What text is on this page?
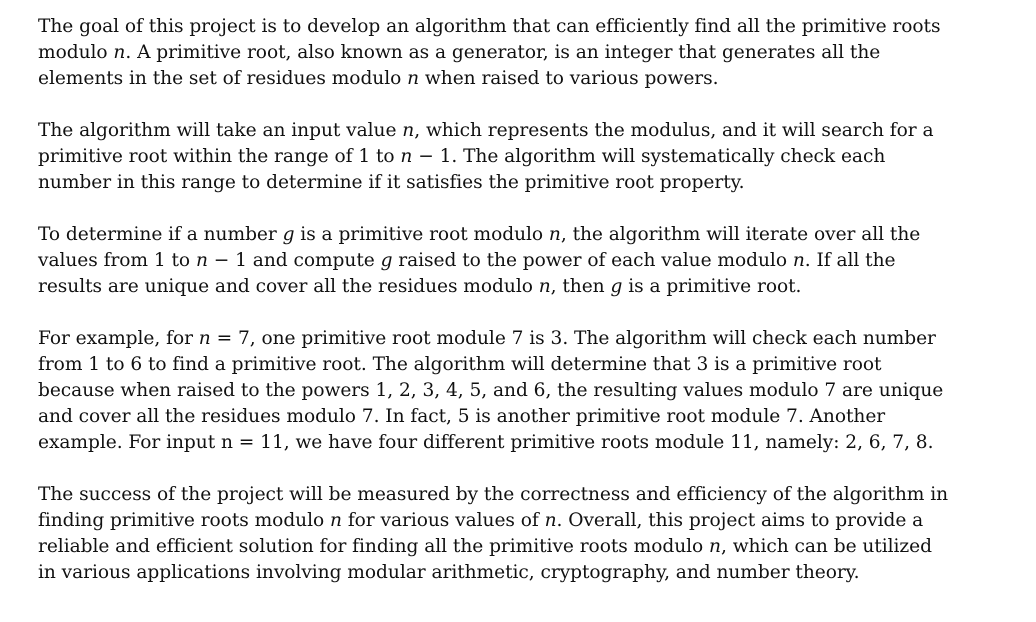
The goal of this project is to develop an algorithm that can efficiently find all the primitive roots
modulo n. A primitive root, also known as a generator, is an integer that generates all the
elements in the set of residues modulo n when raised to various powers.

The algorithm will take an input value n, which represents the modulus, and it will search for a
primitive root within the range of 1 to n − 1. The algorithm will systematically check each
number in this range to determine if it satisfies the primitive root property.

To determine if a number g is a primitive root modulo n, the algorithm will iterate over all the
values from 1 to n − 1 and compute g raised to the power of each value modulo n. If all the
results are unique and cover all the residues modulo n, then g is a primitive root.

For example, for n = 7, one primitive root module 7 is 3. The algorithm will check each number
from 1 to 6 to find a primitive root. The algorithm will determine that 3 is a primitive root
because when raised to the powers 1, 2, 3, 4, 5, and 6, the resulting values modulo 7 are unique
and cover all the residues modulo 7. In fact, 5 is another primitive root module 7. Another
example. For input n = 11, we have four different primitive roots module 11, namely: 2, 6, 7, 8.

The success of the project will be measured by the correctness and efficiency of the algorithm in
finding primitive roots modulo n for various values of n. Overall, this project aims to provide a
reliable and efficient solution for finding all the primitive roots modulo n, which can be utilized
in various applications involving modular arithmetic, cryptography, and number theory.
